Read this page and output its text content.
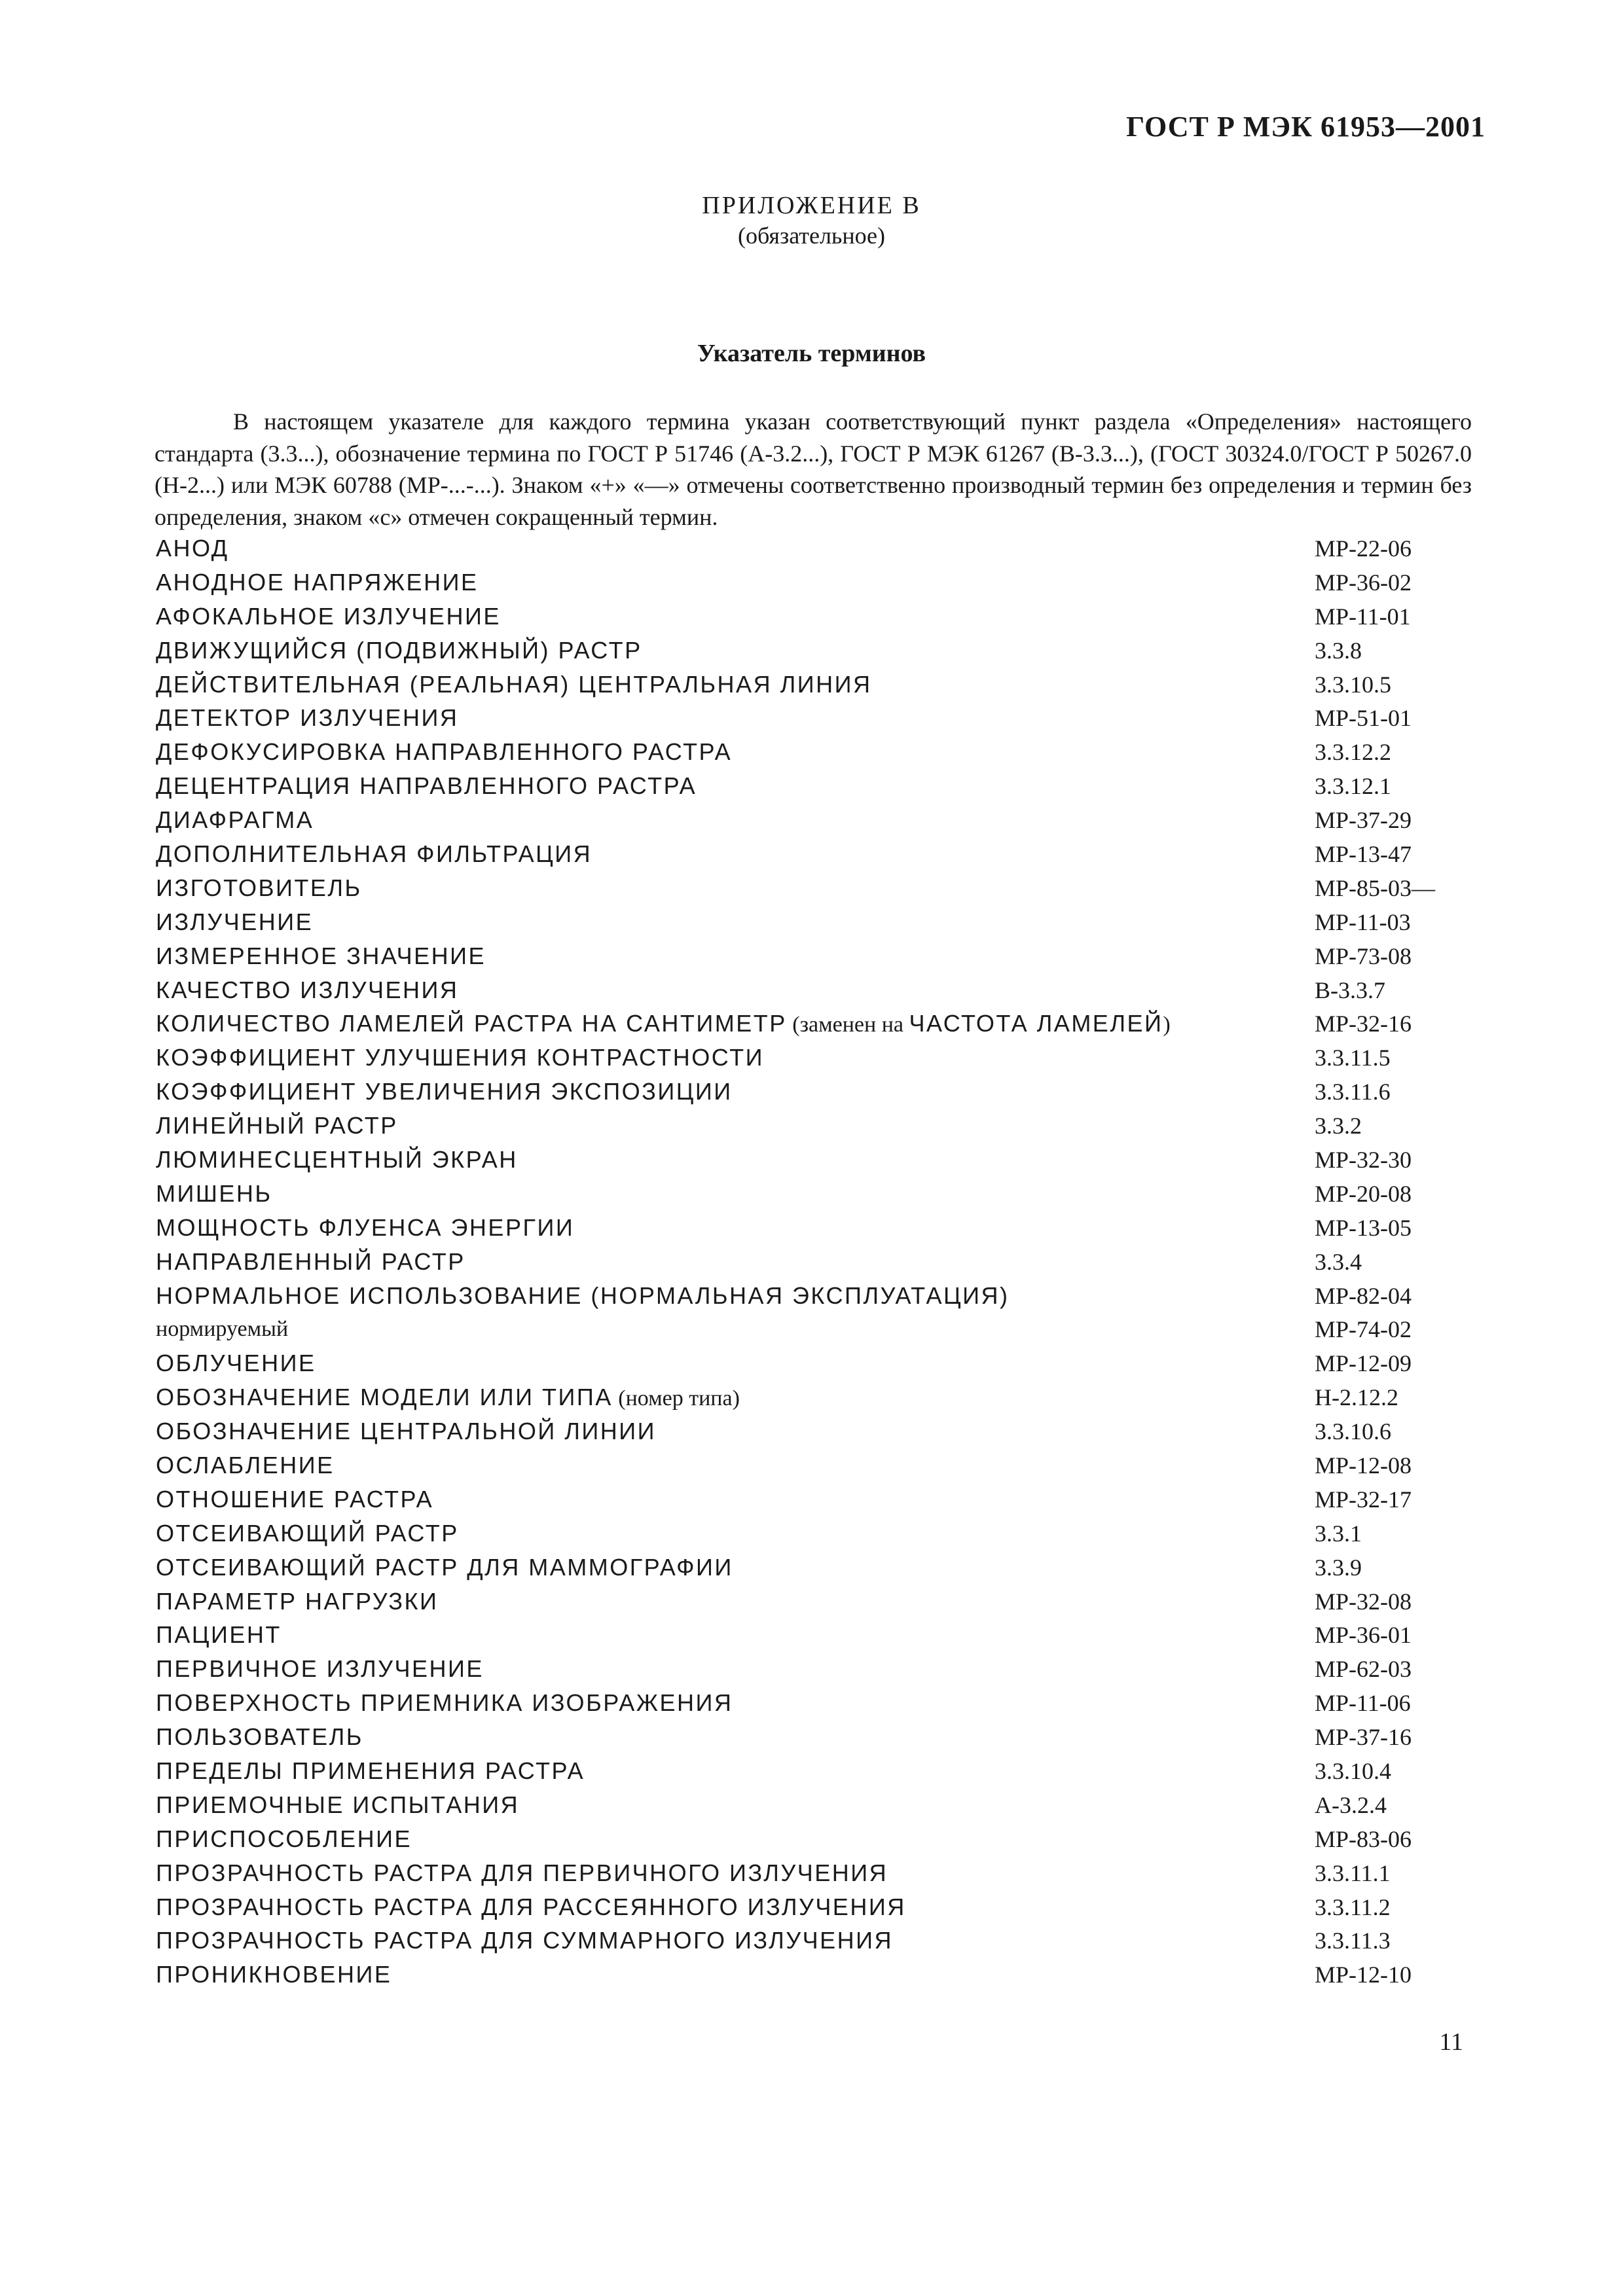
ГОСТ Р МЭК 61953—2001
ПРИЛОЖЕНИЕ В
(обязательное)
Указатель терминов

В настоящем указателе для каждого термина указан соответствующий пункт раздела «Определения» настоящего стандарта (3.3...), обозначение термина по ГОСТ Р 51746 (А-3.2...), ГОСТ Р МЭК 61267 (В-3.3...), (ГОСТ 30324.0/ГОСТ Р 50267.0 (Н-2...) или МЭК 60788 (МР-...-...). Знаком «+» «—» отмечены соответственно производный термин без определения и термин без определения, знаком «с» отмечен сокращенный термин.

АНОД	МР-22-06
АНОДНОЕ НАПРЯЖЕНИЕ	МР-36-02
АФОКАЛЬНОЕ ИЗЛУЧЕНИЕ	МР-11-01
ДВИЖУЩИЙСЯ (ПОДВИЖНЫЙ) РАСТР	3.3.8
ДЕЙСТВИТЕЛЬНАЯ (РЕАЛЬНАЯ) ЦЕНТРАЛЬНАЯ ЛИНИЯ	3.3.10.5
ДЕТЕКТОР ИЗЛУЧЕНИЯ	МР-51-01
ДЕФОКУСИРОВКА НАПРАВЛЕННОГО РАСТРА	3.3.12.2
ДЕЦЕНТРАЦИЯ НАПРАВЛЕННОГО РАСТРА	3.3.12.1
ДИАФРАГМА	МР-37-29
ДОПОЛНИТЕЛЬНАЯ ФИЛЬТРАЦИЯ	МР-13-47
ИЗГОТОВИТЕЛЬ	МР-85-03—
ИЗЛУЧЕНИЕ	МР-11-03
ИЗМЕРЕННОЕ ЗНАЧЕНИЕ	МР-73-08
КАЧЕСТВО ИЗЛУЧЕНИЯ	В-3.3.7
КОЛИЧЕСТВО ЛАМЕЛЕЙ РАСТРА НА САНТИМЕТР (заменен на ЧАСТОТА ЛАМЕЛЕЙ)	МР-32-16
КОЭФФИЦИЕНТ УЛУЧШЕНИЯ КОНТРАСТНОСТИ	3.3.11.5
КОЭФФИЦИЕНТ УВЕЛИЧЕНИЯ ЭКСПОЗИЦИИ	3.3.11.6
ЛИНЕЙНЫЙ РАСТР	3.3.2
ЛЮМИНЕСЦЕНТНЫЙ ЭКРАН	МР-32-30
МИШЕНЬ	МР-20-08
МОЩНОСТЬ ФЛУЕНСА ЭНЕРГИИ	МР-13-05
НАПРАВЛЕННЫЙ РАСТР	3.3.4
НОРМАЛЬНОЕ ИСПОЛЬЗОВАНИЕ (НОРМАЛЬНАЯ ЭКСПЛУАТАЦИЯ)	МР-82-04
нормируемый	МР-74-02
ОБЛУЧЕНИЕ	МР-12-09
ОБОЗНАЧЕНИЕ МОДЕЛИ ИЛИ ТИПА (номер типа)	Н-2.12.2
ОБОЗНАЧЕНИЕ ЦЕНТРАЛЬНОЙ ЛИНИИ	3.3.10.6
ОСЛАБЛЕНИЕ	МР-12-08
ОТНОШЕНИЕ РАСТРА	МР-32-17
ОТСЕИВАЮЩИЙ РАСТР	3.3.1
ОТСЕИВАЮЩИЙ РАСТР ДЛЯ МАММОГРАФИИ	3.3.9
ПАРАМЕТР НАГРУЗКИ	МР-32-08
ПАЦИЕНТ	МР-36-01
ПЕРВИЧНОЕ ИЗЛУЧЕНИЕ	МР-62-03
ПОВЕРХНОСТЬ ПРИЕМНИКА ИЗОБРАЖЕНИЯ	МР-11-06
ПОЛЬЗОВАТЕЛЬ	МР-37-16
ПРЕДЕЛЫ ПРИМЕНЕНИЯ РАСТРА	3.3.10.4
ПРИЕМОЧНЫЕ ИСПЫТАНИЯ	А-3.2.4
ПРИСПОСОБЛЕНИЕ	МР-83-06
ПРОЗРАЧНОСТЬ РАСТРА ДЛЯ ПЕРВИЧНОГО ИЗЛУЧЕНИЯ	3.3.11.1
ПРОЗРАЧНОСТЬ РАСТРА ДЛЯ РАССЕЯННОГО ИЗЛУЧЕНИЯ	3.3.11.2
ПРОЗРАЧНОСТЬ РАСТРА ДЛЯ СУММАРНОГО ИЗЛУЧЕНИЯ	3.3.11.3
ПРОНИКНОВЕНИЕ	МР-12-10
11
